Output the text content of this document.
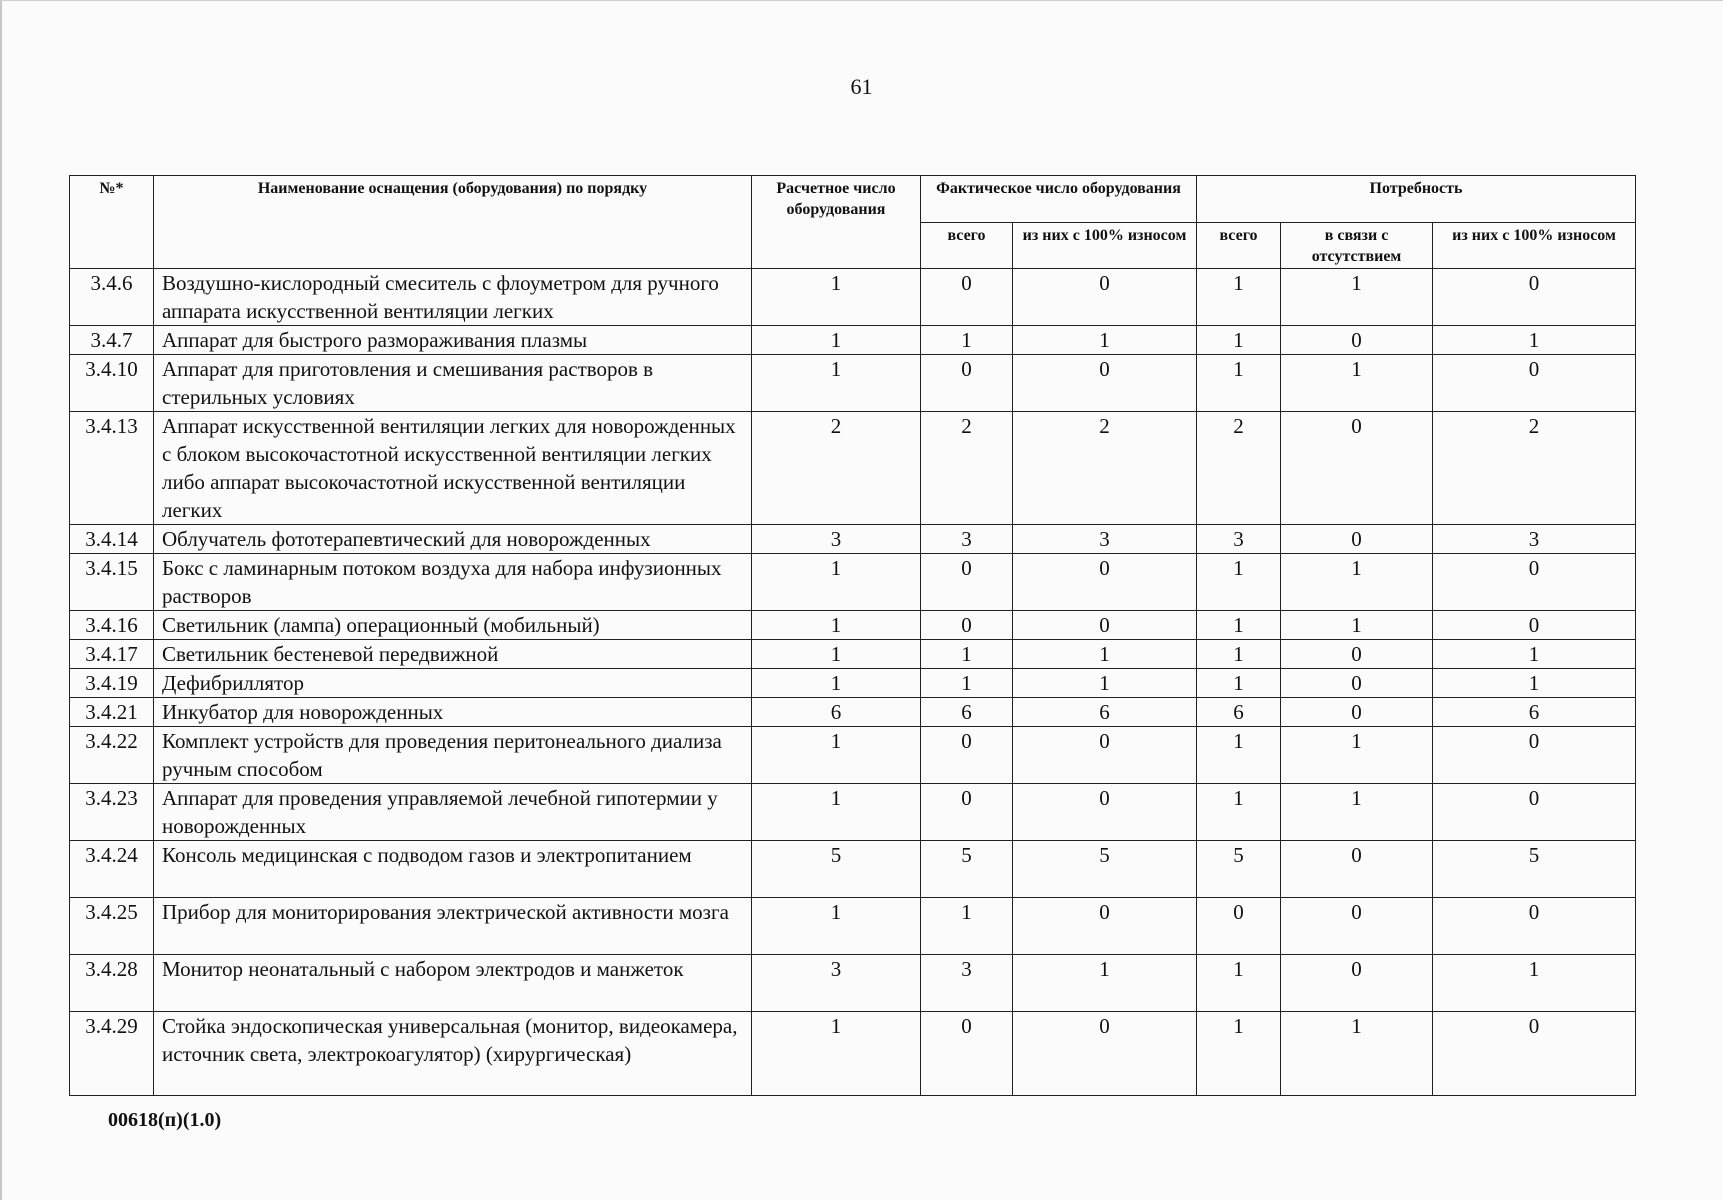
61
№*	Наименование оснащения (оборудования) по порядку	Расчетное число оборудования	Фактическое число оборудования		Потребность		
			всего	из них с 100% износом	всего	в связи с отсутствием	из них с 100% износом
3.4.6	Воздушно-кислородный смеситель с флоуметром для ручного аппарата искусственной вентиляции легких	1	0	0	1	1	0
3.4.7	Аппарат для быстрого размораживания плазмы	1	1	1	1	0	1
3.4.10	Аппарат для приготовления и смешивания растворов в стерильных условиях	1	0	0	1	1	0
3.4.13	Аппарат искусственной вентиляции легких для новорожденных с блоком высокочастотной искусственной вентиляции легких либо аппарат высокочастотной искусственной вентиляции легких	2	2	2	2	0	2
3.4.14	Облучатель фототерапевтический для новорожденных	3	3	3	3	0	3
3.4.15	Бокс с ламинарным потоком воздуха для набора инфузионных растворов	1	0	0	1	1	0
3.4.16	Светильник (лампа) операционный (мобильный)	1	0	0	1	1	0
3.4.17	Светильник бестеневой передвижной	1	1	1	1	0	1
3.4.19	Дефибриллятор	1	1	1	1	0	1
3.4.21	Инкубатор для новорожденных	6	6	6	6	0	6
3.4.22	Комплект устройств для проведения перитонеального диализа ручным способом	1	0	0	1	1	0
3.4.23	Аппарат для проведения управляемой лечебной гипотермии у новорожденных	1	0	0	1	1	0
3.4.24	Консоль медицинская с подводом газов и электропитанием	5	5	5	5	0	5
3.4.25	Прибор для мониторирования электрической активности мозга	1	1	0	0	0	0
3.4.28	Монитор неонатальный с набором электродов и манжеток	3	3	1	1	0	1
3.4.29	Стойка эндоскопическая универсальная (монитор, видеокамера, источник света, электрокоагулятор) (хирургическая)	1	0	0	1	1	0
00618(п)(1.0)
